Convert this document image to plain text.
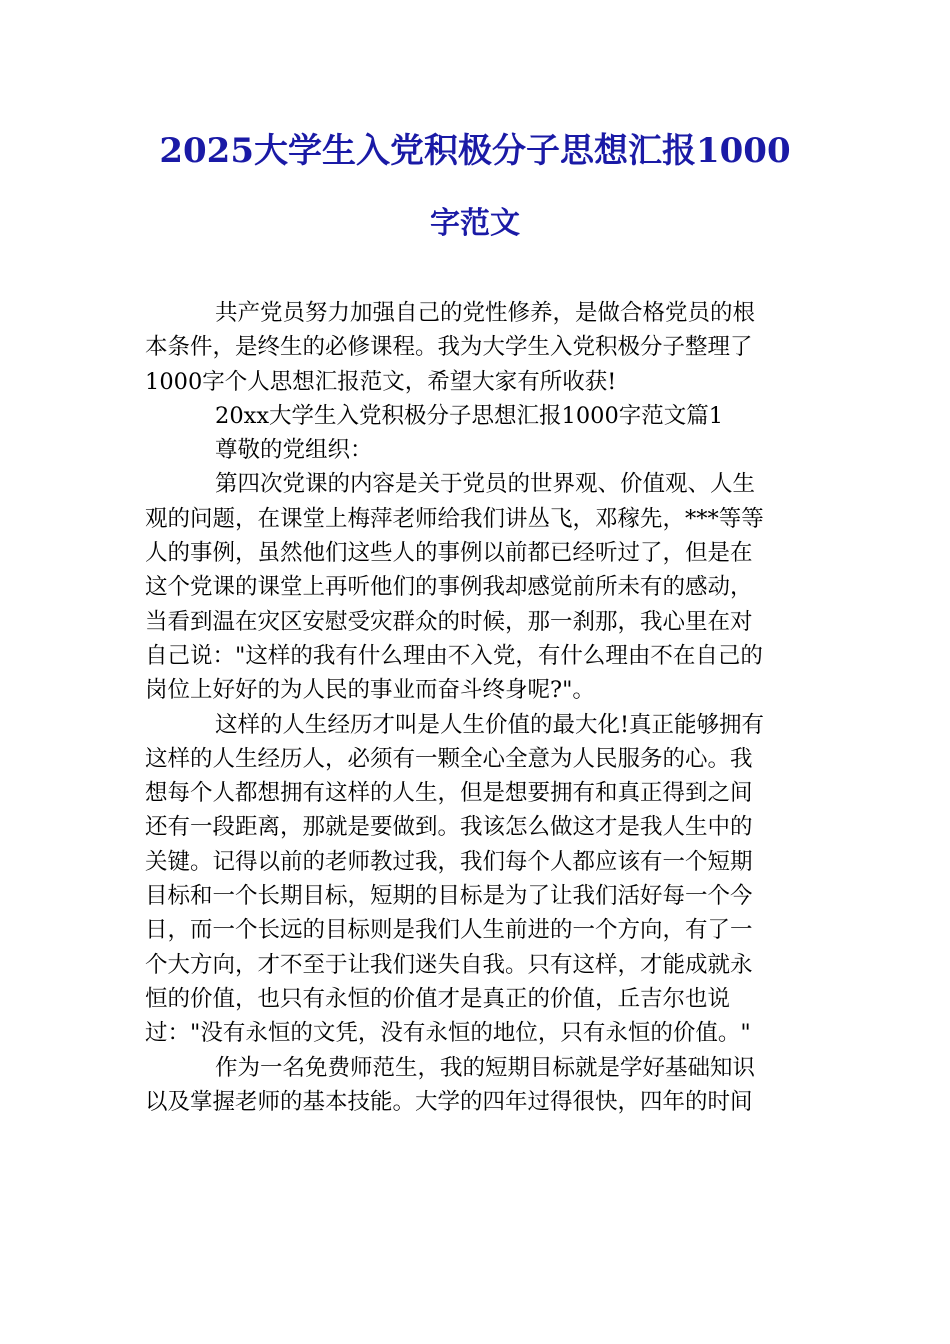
2025大学生入党积极分子思想汇报1000
字范文
共产党员努力加强自己的党性修养，是做合格党员的根
本条件，是终生的必修课程。我为大学生入党积极分子整理了
1000字个人思想汇报范文，希望大家有所收获!
20xx大学生入党积极分子思想汇报1000字范文篇1
尊敬的党组织：
第四次党课的内容是关于党员的世界观、价值观、人生
观的问题，在课堂上梅萍老师给我们讲丛飞，邓稼先，***等等
人的事例，虽然他们这些人的事例以前都已经听过了，但是在
这个党课的课堂上再听他们的事例我却感觉前所未有的感动，
当看到温在灾区安慰受灾群众的时候，那一刹那，我心里在对
自己说："这样的我有什么理由不入党，有什么理由不在自己的
岗位上好好的为人民的事业而奋斗终身呢?"。
这样的人生经历才叫是人生价值的最大化!真正能够拥有
这样的人生经历人，必须有一颗全心全意为人民服务的心。我
想每个人都想拥有这样的人生，但是想要拥有和真正得到之间
还有一段距离，那就是要做到。我该怎么做这才是我人生中的
关键。记得以前的老师教过我，我们每个人都应该有一个短期
目标和一个长期目标，短期的目标是为了让我们活好每一个今
日，而一个长远的目标则是我们人生前进的一个方向，有了一
个大方向，才不至于让我们迷失自我。只有这样，才能成就永
恒的价值，也只有永恒的价值才是真正的价值，丘吉尔也说
过："没有永恒的文凭，没有永恒的地位，只有永恒的价值。"
作为一名免费师范生，我的短期目标就是学好基础知识
以及掌握老师的基本技能。大学的四年过得很快，四年的时间
